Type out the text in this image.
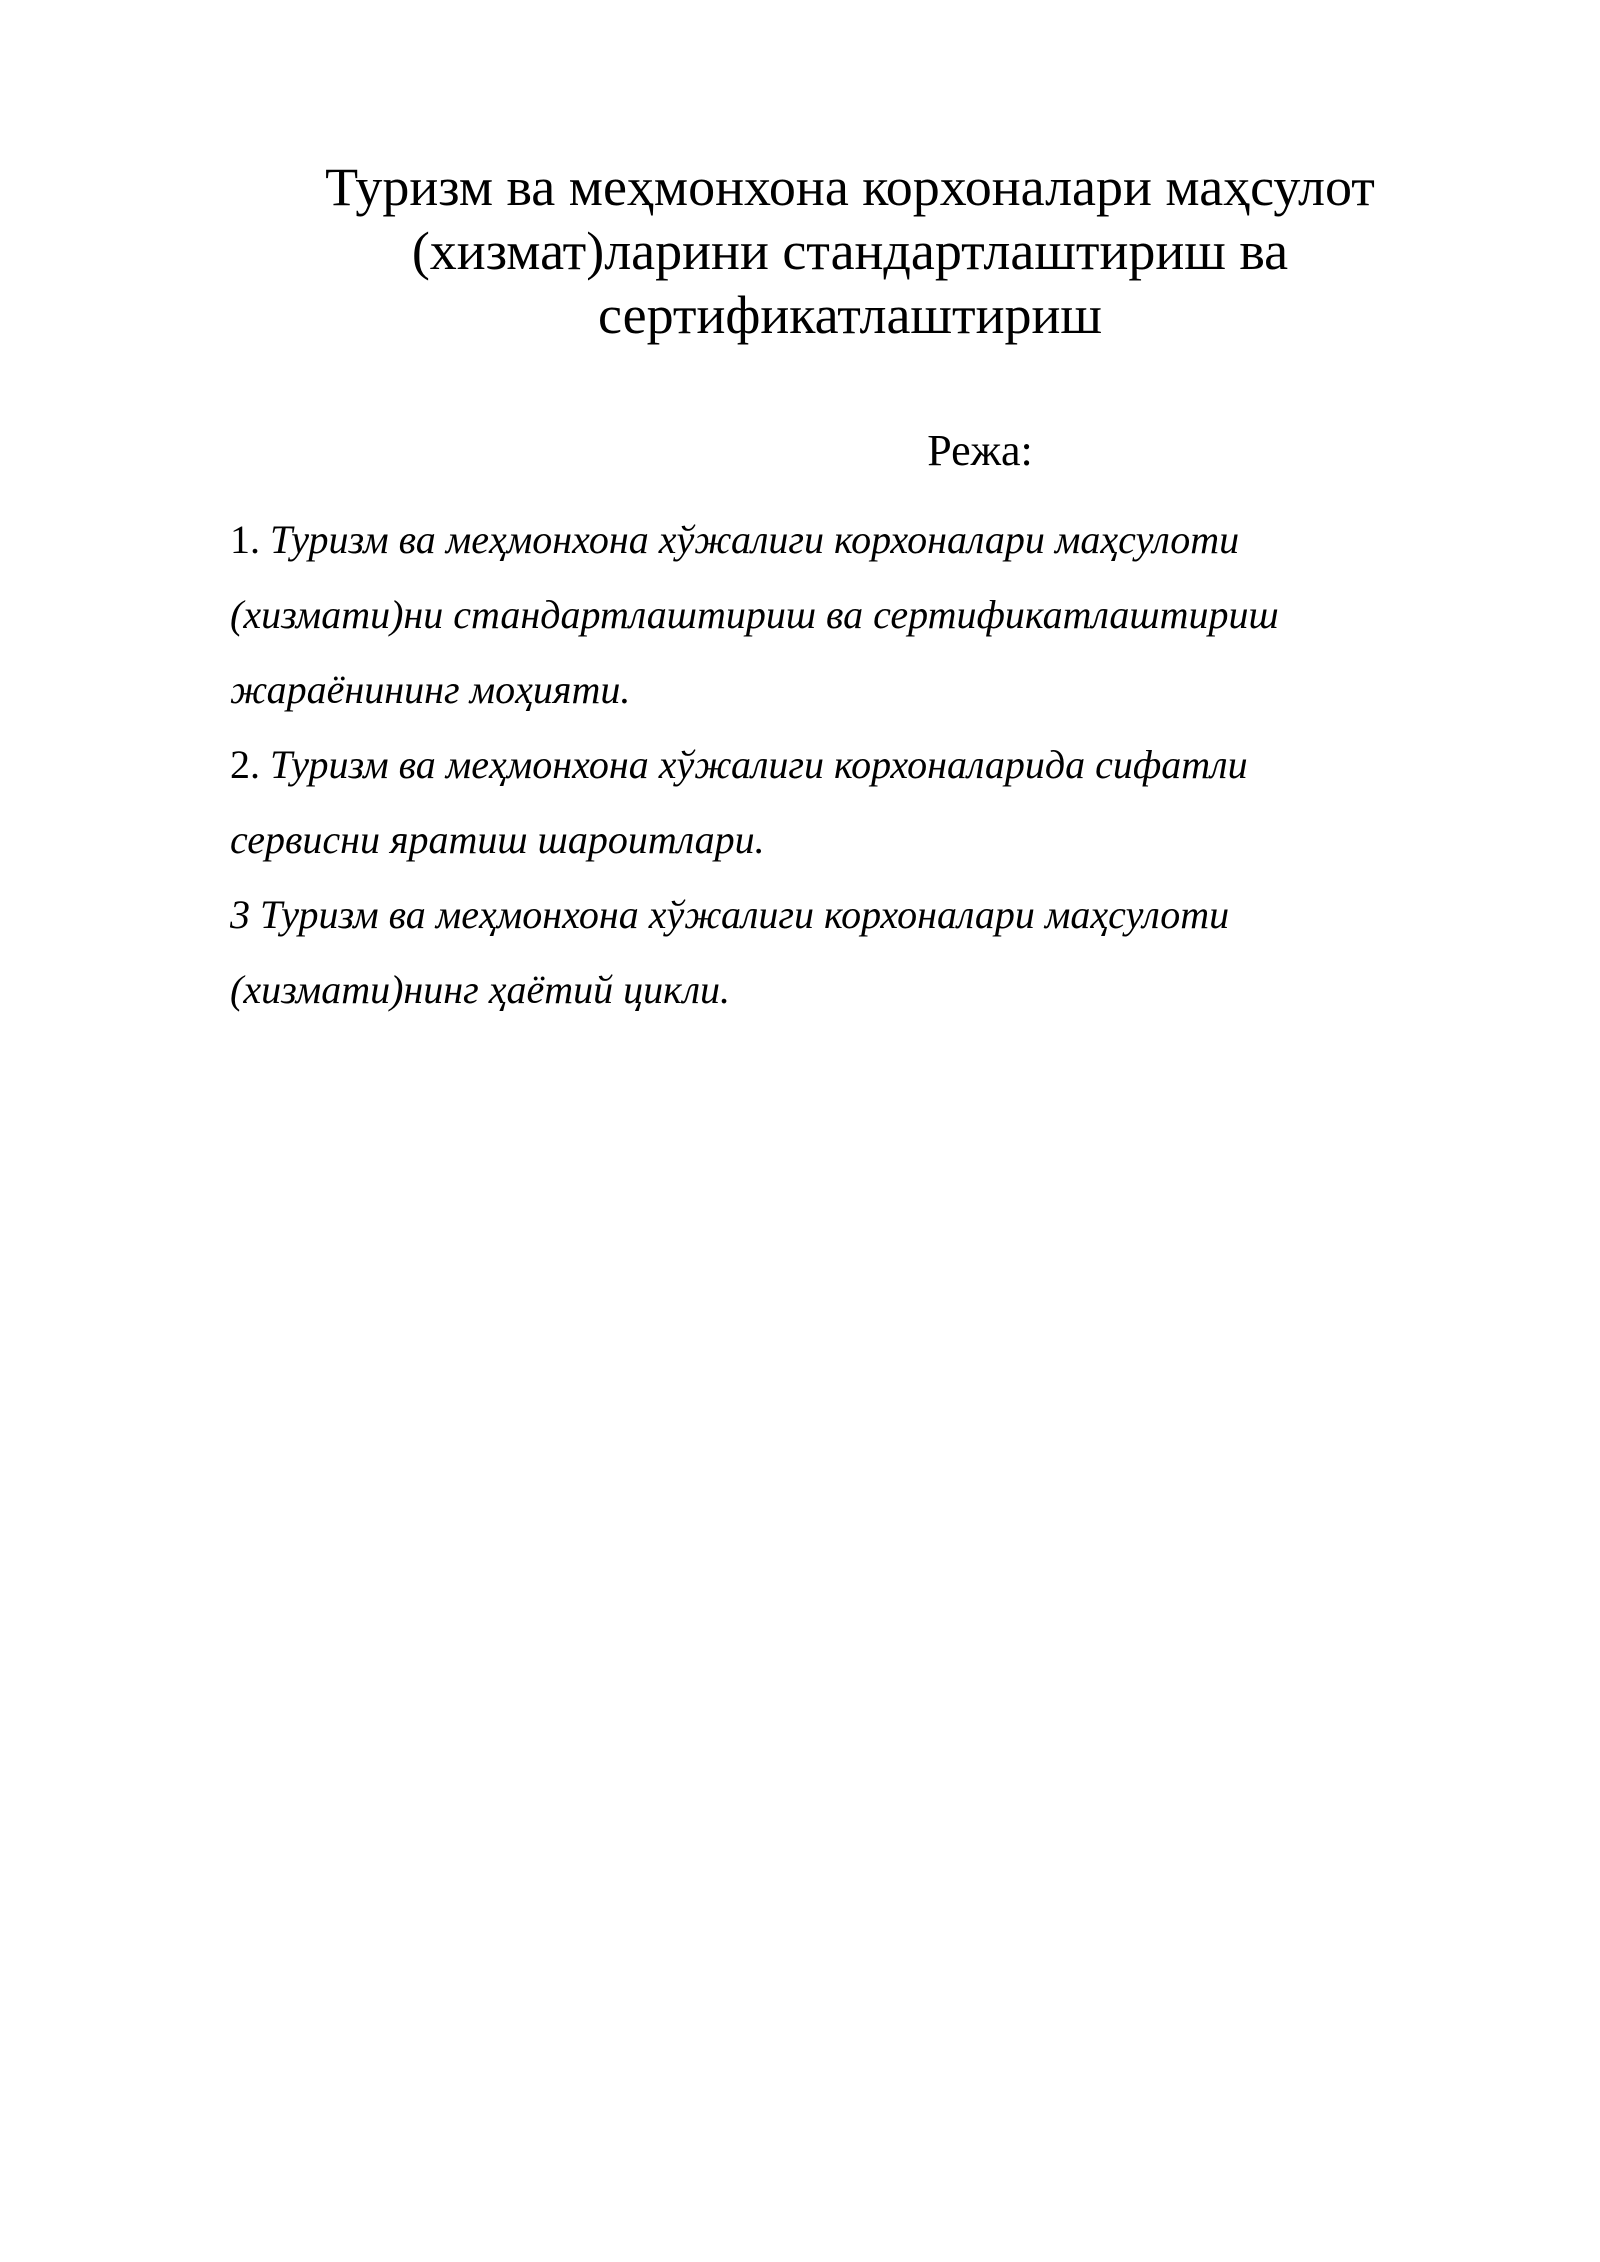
Туризм ва меҳмонхона корхоналари маҳсулот
(хизмат)ларини стандартлаштириш ва
сертификатлаштириш
Режа:
1. Туризм ва меҳмонхона хўжалиги корхоналари маҳсулоти
(хизмати)ни стандартлаштириш ва сертификатлаштириш
жараёнининг моҳияти.
2. Туризм ва меҳмонхона хўжалиги корхоналарида сифатли
сервисни яратиш шароитлари.
3 Туризм ва меҳмонхона хўжалиги корхоналари маҳсулоти
(хизмати)нинг ҳаётий цикли.
